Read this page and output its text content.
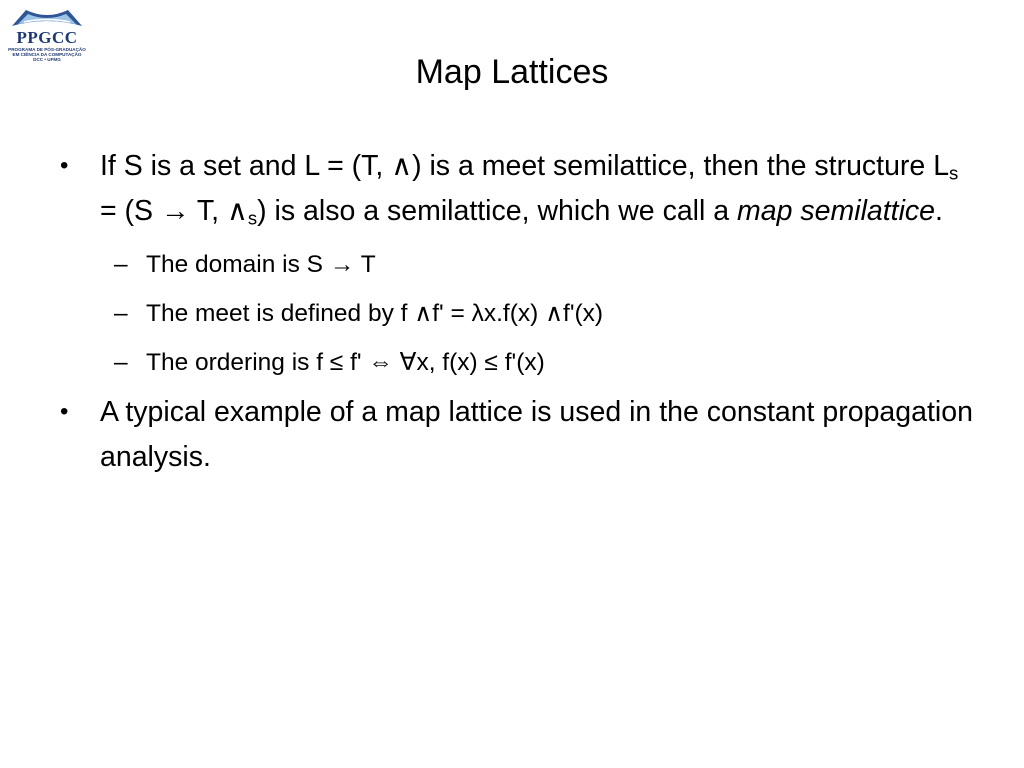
PPGCC
PROGRAMA DE PÓS-GRADUAÇÃO
EM CIÊNCIA DA COMPUTAÇÃO
DCC • UFMG	Map Lattices

• If S is a set and L = (T, ∧) is a meet semilattice, then the structure $L_s = (S \to T$, $\wedge_s$) is also a semilattice, which we call a map semilattice.

– The domain is S → T

– The meet is defined by f ∧f' = λx.f(x) ∧f'(x)

– The ordering is f ≤ f' ⇔ ∀x, f(x) ≤ f'(x)

• A typical example of a map lattice is used in the constant propagation analysis.
